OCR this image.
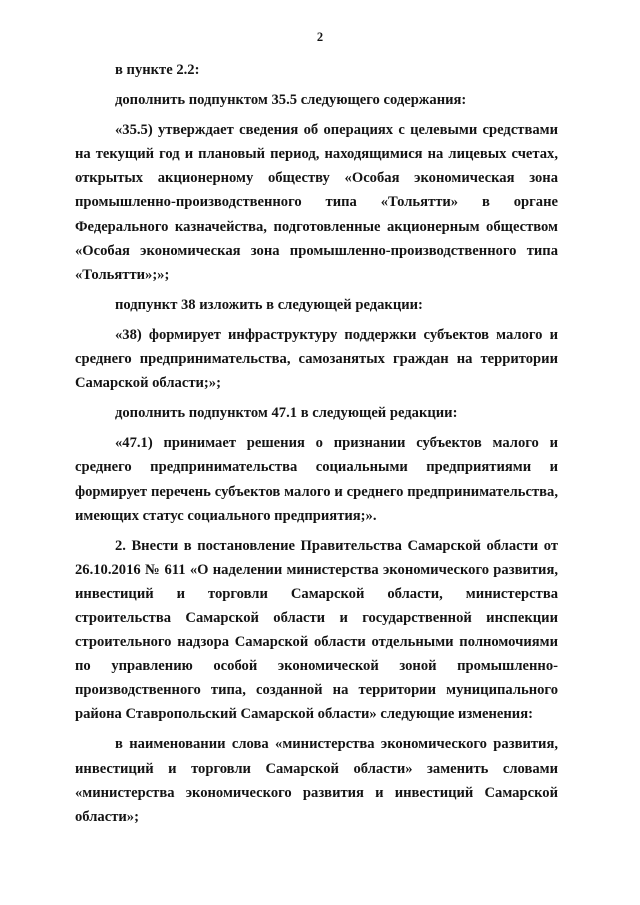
2

в пункте 2.2:

дополнить подпунктом 35.5 следующего содержания:

«35.5) утверждает сведения об операциях с целевыми средствами на текущий год и плановый период, находящимися на лицевых счетах, открытых акционерному обществу «Особая экономическая зона промышленно-производственного типа «Тольятти» в органе Федерального казначейства, подготовленные акционерным обществом «Особая экономическая зона промышленно-производственного типа «Тольятти»;»;

подпункт 38 изложить в следующей редакции:

«38) формирует инфраструктуру поддержки субъектов малого и среднего предпринимательства, самозанятых граждан на территории Самарской области;»;

дополнить подпунктом 47.1 в следующей редакции:

«47.1) принимает решения о признании субъектов малого и среднего предпринимательства социальными предприятиями и формирует перечень субъектов малого и среднего предпринимательства, имеющих статус социального предприятия;».

2. Внести в постановление Правительства Самарской области от 26.10.2016 № 611 «О наделении министерства экономического развития, инвестиций и торговли Самарской области, министерства строительства Самарской области и государственной инспекции строительного надзора Самарской области отдельными полномочиями по управлению особой экономической зоной промышленно-производственного типа, созданной на территории муниципального района Ставропольский Самарской области» следующие изменения:

в наименовании слова «министерства экономического развития, инвестиций и торговли Самарской области» заменить словами «министерства экономического развития и инвестиций Самарской области»;
